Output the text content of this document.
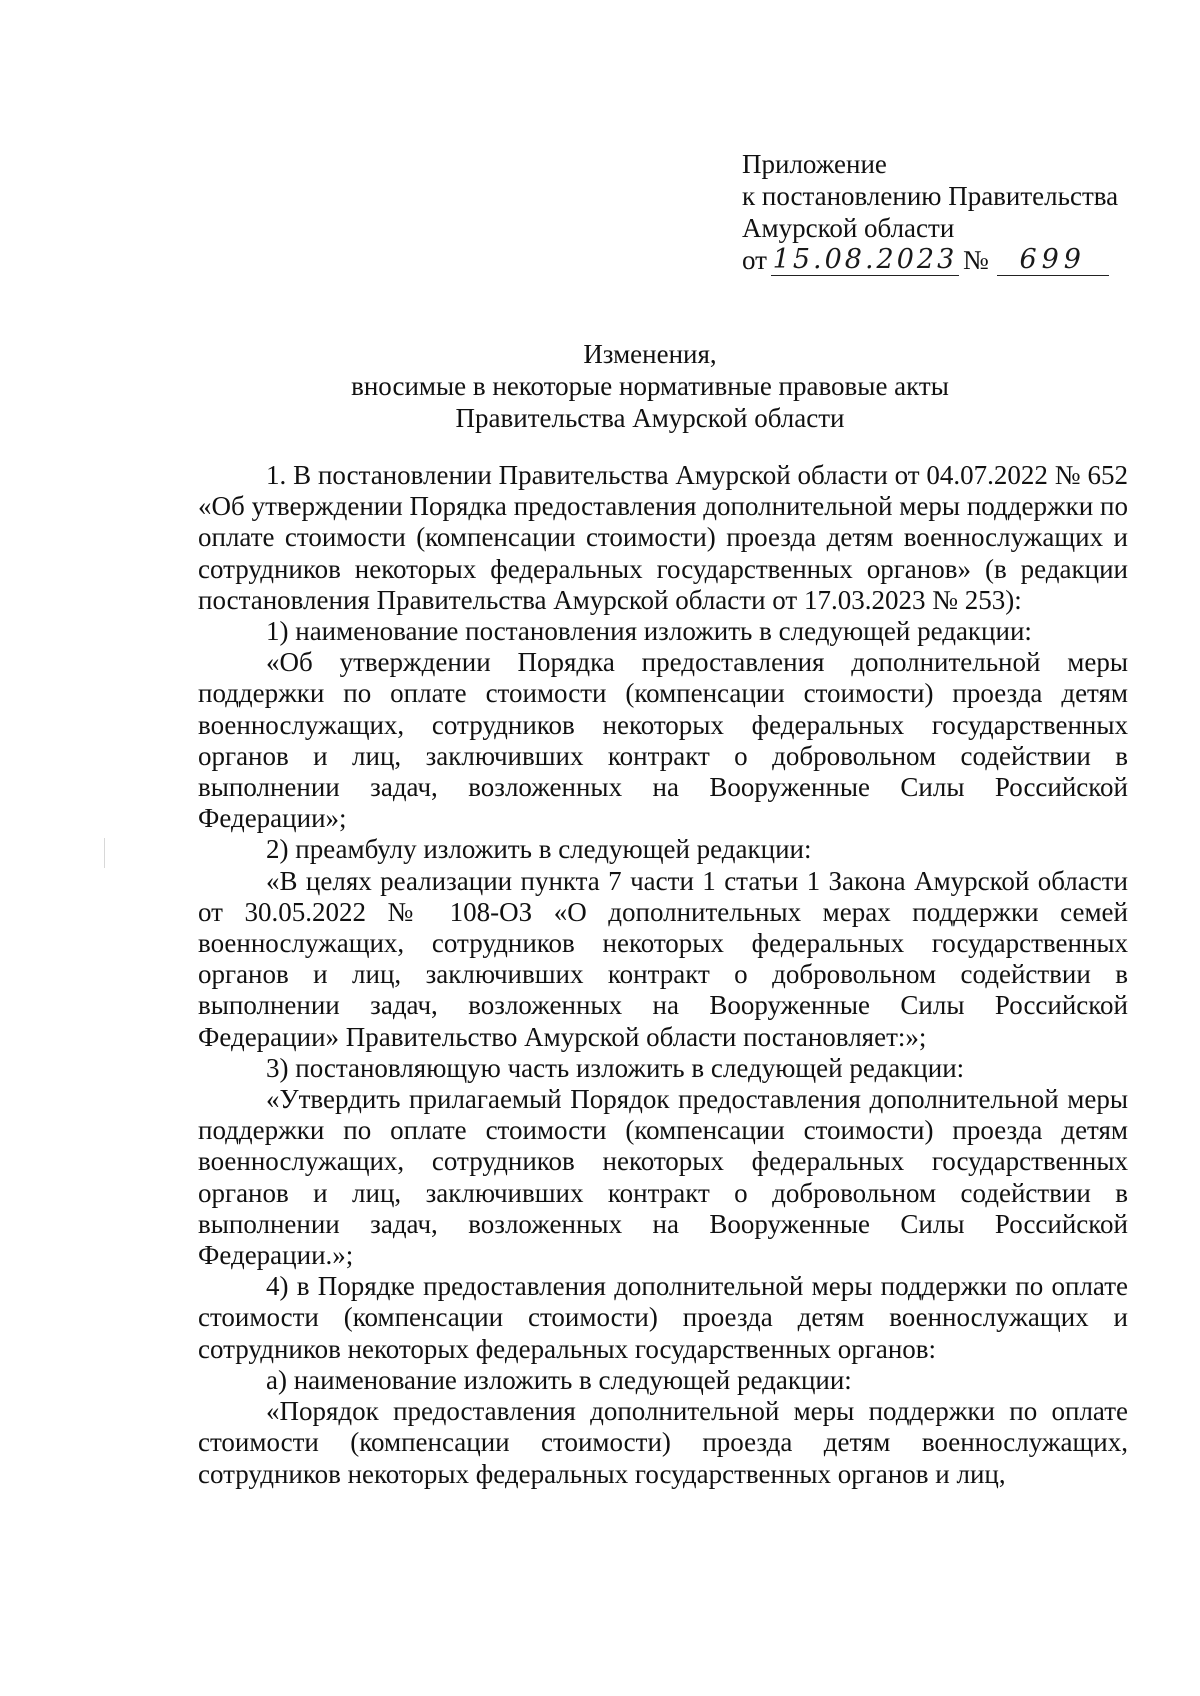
Приложение
к постановлению Правительства
Амурской области
от 15.08.2023 №	699
Изменения,
вносимые в некоторые нормативные правовые акты
Правительства Амурской области

1. В постановлении Правительства Амурской области от 04.07.2022 № 652 «Об утверждении Порядка предоставления дополнительной меры поддержки по оплате стоимости (компенсации стоимости) проезда детям военнослужащих и сотрудников некоторых федеральных государственных органов» (в редакции постановления Правительства Амурской области от 17.03.2023 № 253):

1) наименование постановления изложить в следующей редакции:

«Об утверждении Порядка предоставления дополнительной меры поддержки по оплате стоимости (компенсации стоимости) проезда детям военнослужащих, сотрудников некоторых федеральных государственных органов и лиц, заключивших контракт о добровольном содействии в выполнении задач, возложенных на Вооруженные Силы Российской Федерации»;

2) преамбулу изложить в следующей редакции:

«В целях реализации пункта 7 части 1 статьи 1 Закона Амурской области от 30.05.2022 № 108-ОЗ «О дополнительных мерах поддержки семей военнослужащих, сотрудников некоторых федеральных государственных органов и лиц, заключивших контракт о добровольном содействии в выполнении задач, возложенных на Вооруженные Силы Российской Федерации» Правительство Амурской области постановляет:»;

3) постановляющую часть изложить в следующей редакции:

«Утвердить прилагаемый Порядок предоставления дополнительной меры поддержки по оплате стоимости (компенсации стоимости) проезда детям военнослужащих, сотрудников некоторых федеральных государственных органов и лиц, заключивших контракт о добровольном содействии в выполнении задач, возложенных на Вооруженные Силы Российской Федерации.»;

4) в Порядке предоставления дополнительной меры поддержки по оплате стоимости (компенсации стоимости) проезда детям военнослужащих и сотрудников некоторых федеральных государственных органов:

а) наименование изложить в следующей редакции:

«Порядок предоставления дополнительной меры поддержки по оплате стоимости (компенсации стоимости) проезда детям военнослужащих, сотрудников некоторых федеральных государственных органов и лиц,
